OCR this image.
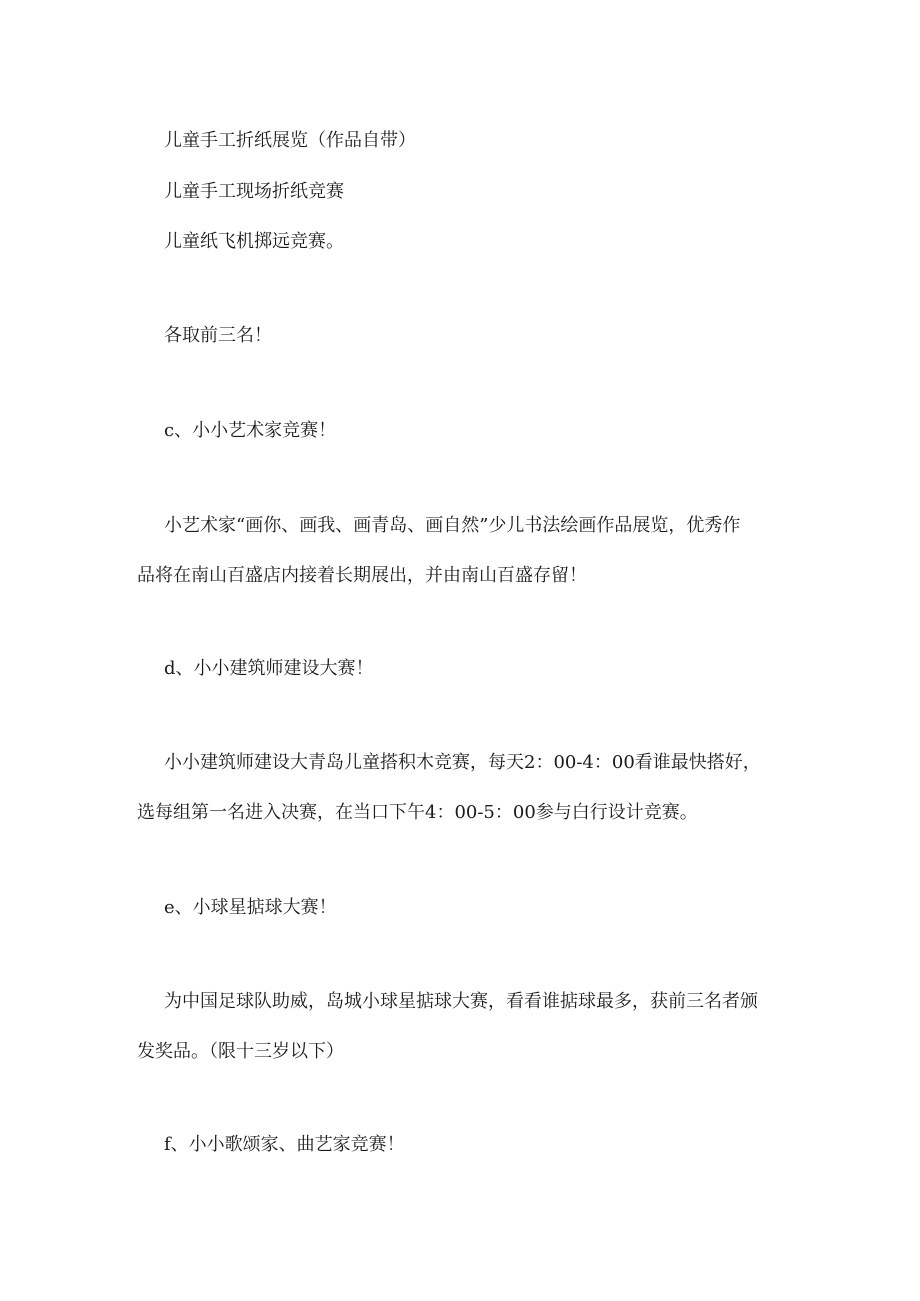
儿童手工折纸展览（作品自带）
儿童手工现场折纸竞赛
儿童纸飞机掷远竞赛。
各取前三名！
c、小小艺术家竞赛！
小艺术家“画你、画我、画青岛、画自然”少儿书法绘画作品展览，优秀作
品将在南山百盛店内接着长期展出，并由南山百盛存留！
d、小小建筑师建设大赛！
小小建筑师建设大青岛儿童搭积木竞赛，每天2：00-4：00看谁最快搭好，
选每组第一名进入决赛，在当口下午4：00-5：00参与白行设计竞赛。
e、小球星掂球大赛！
为中国足球队助威，岛城小球星掂球大赛，看看谁掂球最多，获前三名者颁
发奖品。（限十三岁以下）
f、小小歌颂家、曲艺家竞赛！
